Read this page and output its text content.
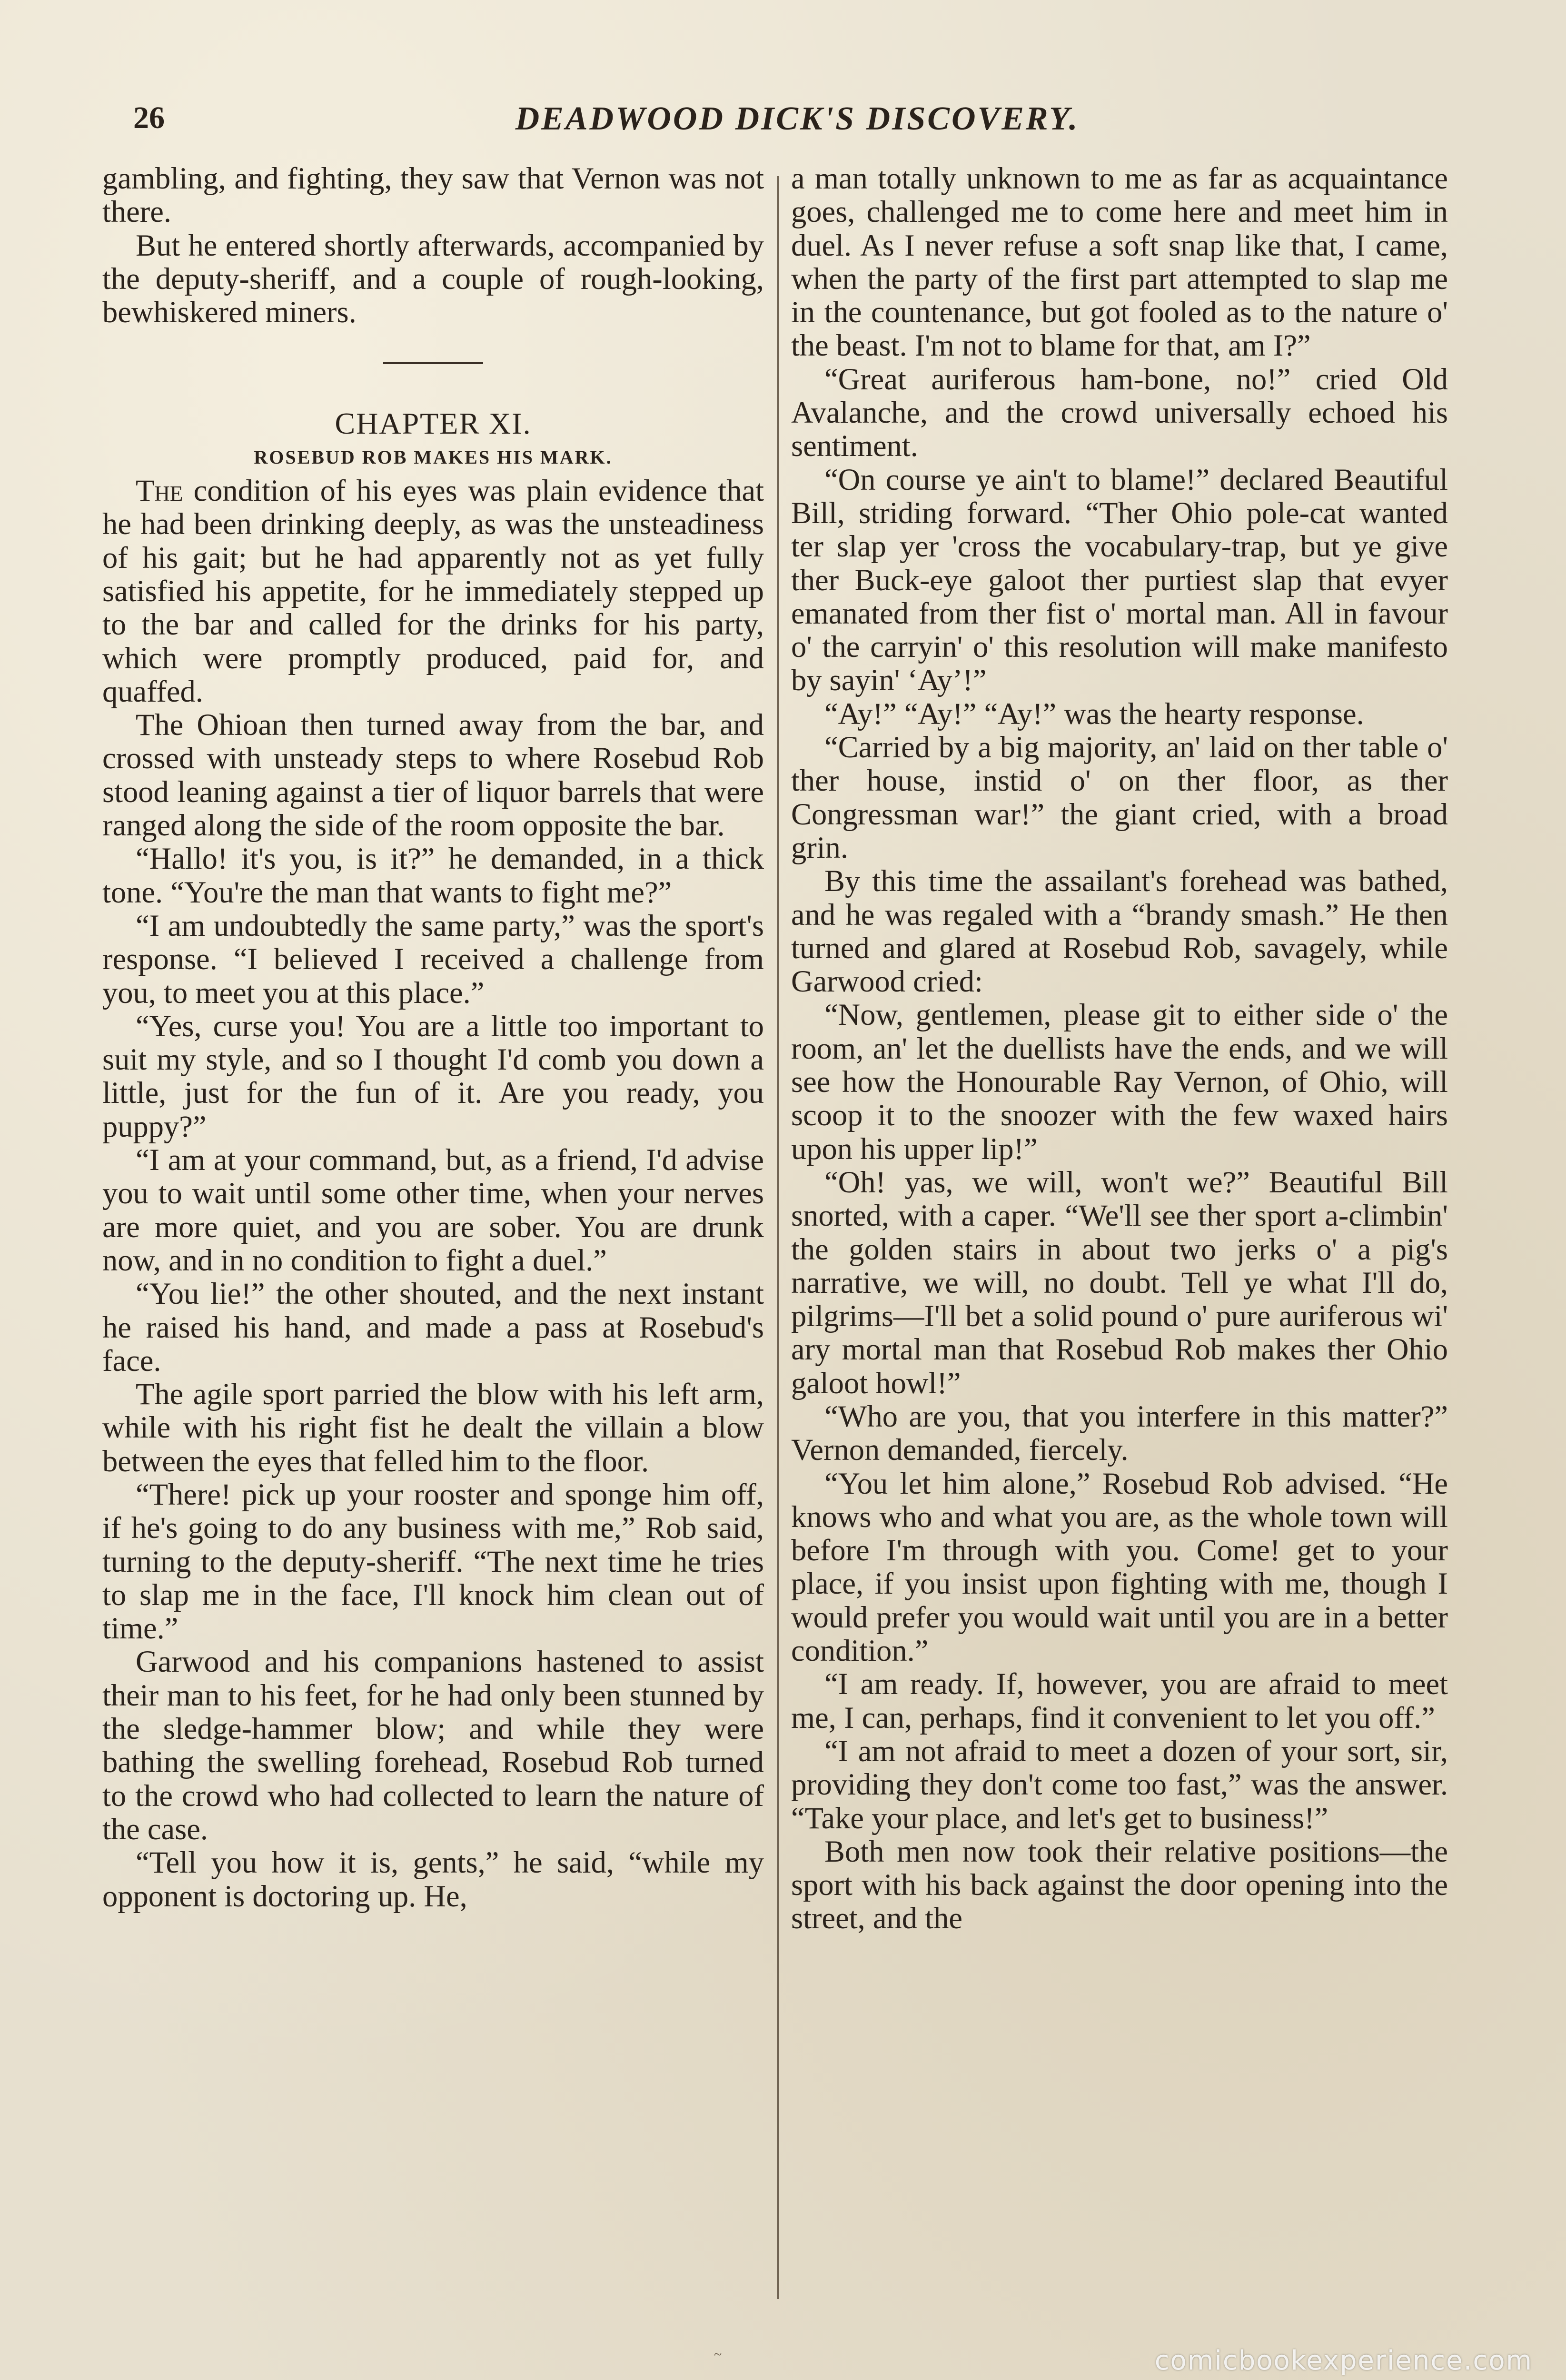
26	DEADWOOD DICK'S DISCOVERY.

gambling, and fighting, they saw that Vernon was not there.

But he entered shortly afterwards, accompanied by the deputy-sheriff, and a couple of rough-looking, bewhiskered miners.

CHAPTER XI.

ROSEBUD ROB MAKES HIS MARK.

The condition of his eyes was plain evidence that he had been drinking deeply, as was the unsteadiness of his gait; but he had apparently not as yet fully satisfied his appetite, for he immediately stepped up to the bar and called for the drinks for his party, which were promptly produced, paid for, and quaffed.

The Ohioan then turned away from the bar, and crossed with unsteady steps to where Rosebud Rob stood leaning against a tier of liquor barrels that were ranged along the side of the room opposite the bar.

“Hallo! it's you, is it?” he demanded, in a thick tone. “You're the man that wants to fight me?”

“I am undoubtedly the same party,” was the sport's response. “I believed I received a challenge from you, to meet you at this place.”

“Yes, curse you! You are a little too important to suit my style, and so I thought I'd comb you down a little, just for the fun of it. Are you ready, you puppy?”

“I am at your command, but, as a friend, I'd advise you to wait until some other time, when your nerves are more quiet, and you are sober. You are drunk now, and in no condition to fight a duel.”

“You lie!” the other shouted, and the next instant he raised his hand, and made a pass at Rosebud's face.

The agile sport parried the blow with his left arm, while with his right fist he dealt the villain a blow between the eyes that felled him to the floor.

“There! pick up your rooster and sponge him off, if he's going to do any business with me,” Rob said, turning to the deputy-sheriff. “The next time he tries to slap me in the face, I'll knock him clean out of time.”

Garwood and his companions hastened to assist their man to his feet, for he had only been stunned by the sledge-hammer blow; and while they were bathing the swelling forehead, Rosebud Rob turned to the crowd who had collected to learn the nature of the case.

“Tell you how it is, gents,” he said, “while my opponent is doctoring up. He,

a man totally unknown to me as far as acquaintance goes, challenged me to come here and meet him in duel. As I never refuse a soft snap like that, I came, when the party of the first part attempted to slap me in the countenance, but got fooled as to the nature o' the beast. I'm not to blame for that, am I?”

“Great auriferous ham-bone, no!” cried Old Avalanche, and the crowd universally echoed his sentiment.

“On course ye ain't to blame!” declared Beautiful Bill, striding forward. “Ther Ohio pole-cat wanted ter slap yer 'cross the vocabulary-trap, but ye give ther Buck-eye galoot ther purtiest slap that evyer emanated from ther fist o' mortal man. All in favour o' the carryin' o' this resolution will make manifesto by sayin' ‘Ay’!”

“Ay!” “Ay!” “Ay!” was the hearty response.

“Carried by a big majority, an' laid on ther table o' ther house, instid o' on ther floor, as ther Congressman war!” the giant cried, with a broad grin.

By this time the assailant's forehead was bathed, and he was regaled with a “brandy smash.” He then turned and glared at Rosebud Rob, savagely, while Garwood cried:

“Now, gentlemen, please git to either side o' the room, an' let the duellists have the ends, and we will see how the Honourable Ray Vernon, of Ohio, will scoop it to the snoozer with the few waxed hairs upon his upper lip!”

“Oh! yas, we will, won't we?” Beautiful Bill snorted, with a caper. “We'll see ther sport a-climbin' the golden stairs in about two jerks o' a pig's narrative, we will, no doubt. Tell ye what I'll do, pilgrims—I'll bet a solid pound o' pure auriferous wi' ary mortal man that Rosebud Rob makes ther Ohio galoot howl!”

“Who are you, that you interfere in this matter?” Vernon demanded, fiercely.

“You let him alone,” Rosebud Rob advised. “He knows who and what you are, as the whole town will before I'm through with you. Come! get to your place, if you insist upon fighting with me, though I would prefer you would wait until you are in a better condition.”

“I am ready. If, however, you are afraid to meet me, I can, perhaps, find it convenient to let you off.”

“I am not afraid to meet a dozen of your sort, sir, providing they don't come too fast,” was the answer. “Take your place, and let's get to business!”

Both men now took their relative positions—the sport with his back against the door opening into the street, and the

~	comicbookexperience.com
